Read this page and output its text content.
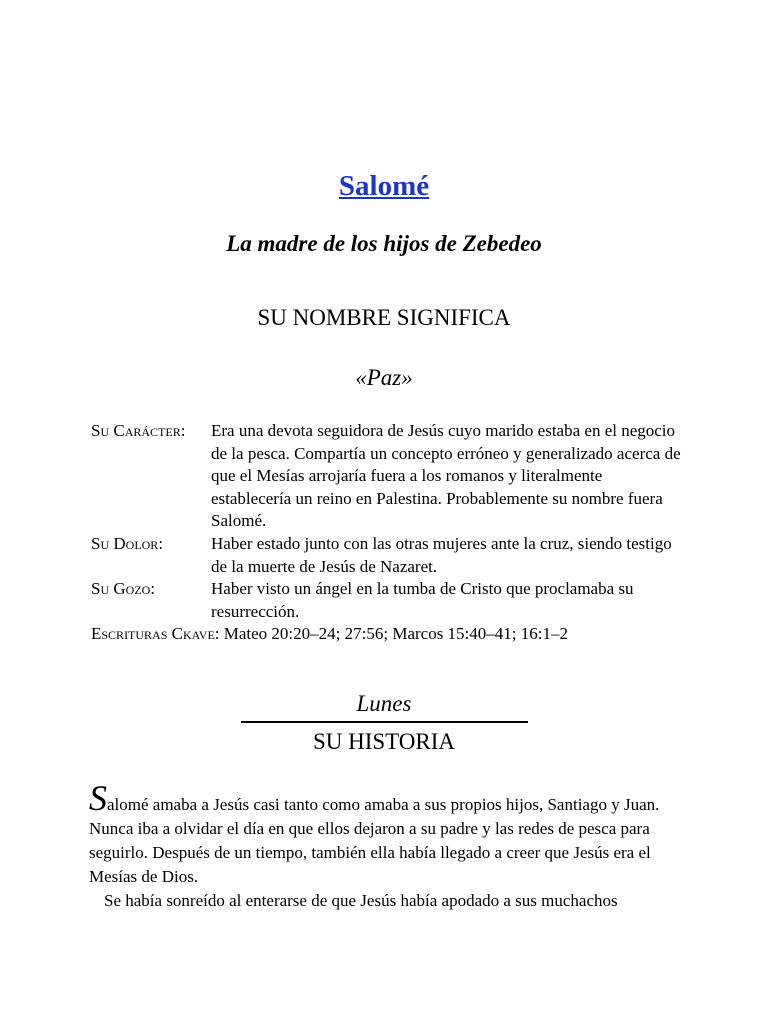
Salomé
La madre de los hijos de Zebedeo
SU NOMBRE SIGNIFICA
«Paz»
Su Carácter:	Era una devota seguidora de Jesús cuyo marido estaba en el negocio de la pesca. Compartía un concepto erróneo y generalizado acerca de que el Mesías arrojaría fuera a los romanos y literalmente establecería un reino en Palestina. Probablemente su nombre fuera Salomé.
Su Dolor:	Haber estado junto con las otras mujeres ante la cruz, siendo testigo de la muerte de Jesús de Nazaret.
Su Gozo:	Haber visto un ángel en la tumba de Cristo que proclamaba su resurrección.
Escrituras Ckave: Mateo 20:20–24; 27:56; Marcos 15:40–41; 16:1–2
Lunes
SU HISTORIA

Salomé amaba a Jesús casi tanto como amaba a sus propios hijos, Santiago y Juan. Nunca iba a olvidar el día en que ellos dejaron a su padre y las redes de pesca para seguirlo. Después de un tiempo, también ella había llegado a creer que Jesús era el Mesías de Dios.

Se había sonreído al enterarse de que Jesús había apodado a sus muchachos
